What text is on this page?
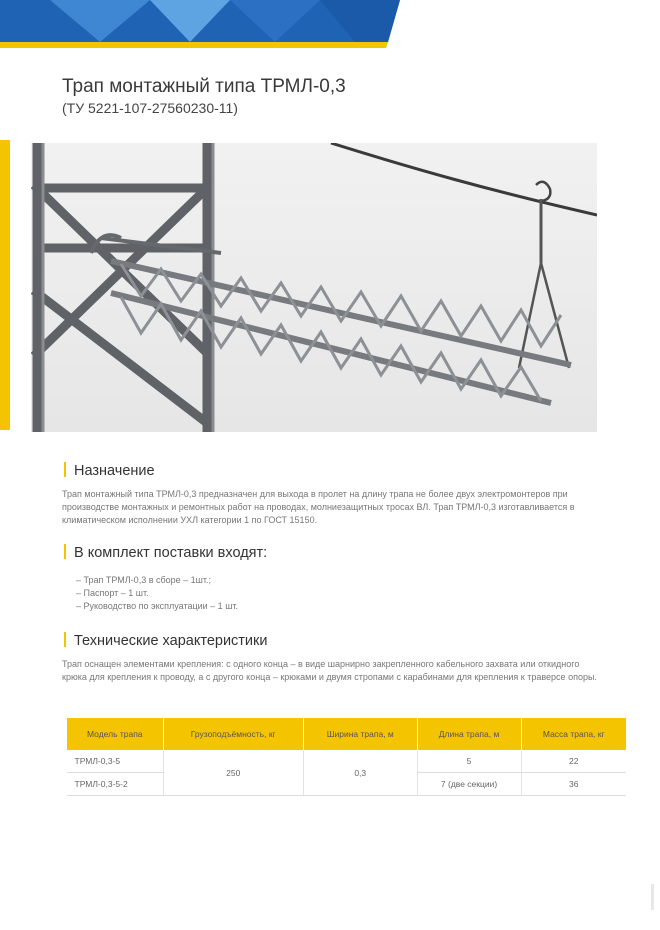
Трап монтажный типа ТРМЛ-0,3
(ТУ 5221-107-27560230-11)
Назначение
Трап монтажный типа ТРМЛ-0,3 предназначен для выхода в пролет на длину трапа не более двух электромонтеров при производстве монтажных и ремонтных работ на проводах, молниезащитных тросах ВЛ. Трап ТРМЛ-0,3 изготавливается в климатическом исполнении УХЛ категории 1 по ГОСТ 15150.
В комплект поставки входят:
– Трап ТРМЛ-0,3 в сборе – 1шт.;
– Паспорт – 1 шт.
– Руководство по эксплуатации – 1 шт.
Технические характеристики
Трап оснащен элементами крепления: с одного конца – в виде шарнирно закрепленного кабельного захвата или откидного крюка для крепления к проводу, а с другого конца – крюками и двумя стропами с карабинами для крепления к траверсе опоры.
Модель трапа	Грузоподъёмность, кг	Ширина трапа, м	Длина трапа, м	Масса трапа, кг
ТРМЛ-0,3-5	250	0,3	5	22
ТРМЛ-0,3-5-2			7 (две секции)	36
